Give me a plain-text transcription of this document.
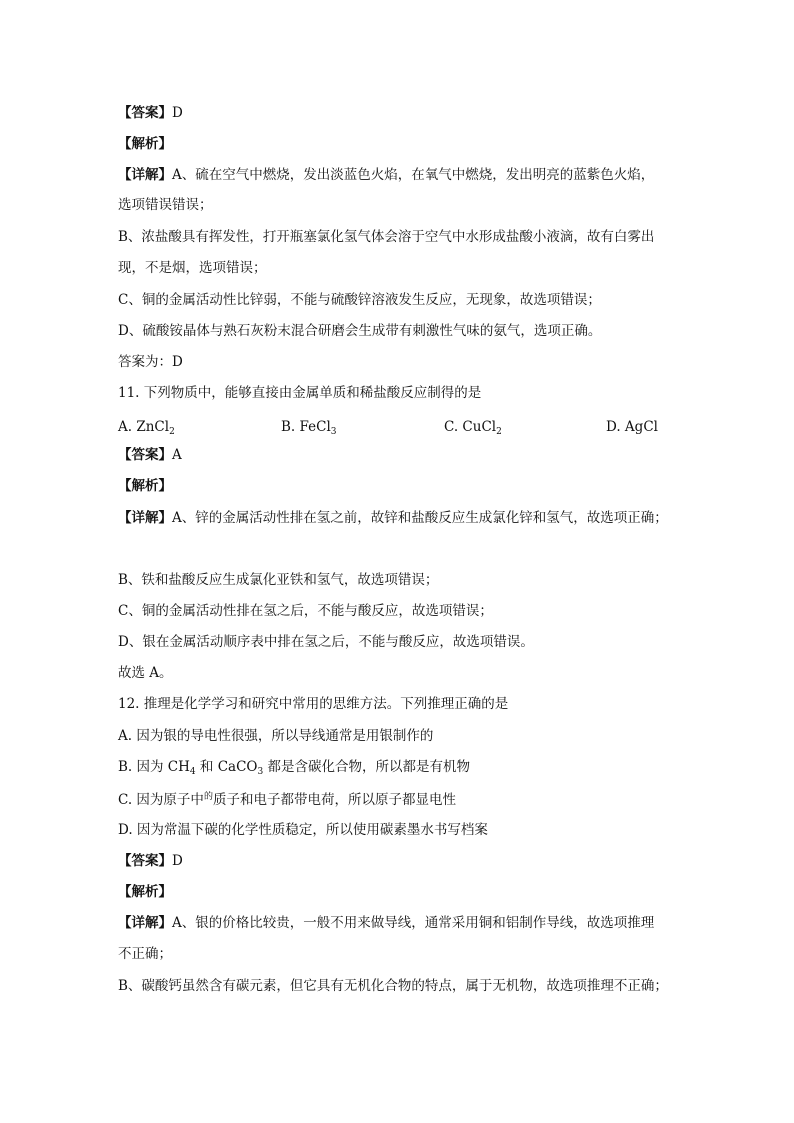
【答案】D
【解析】
【详解】A、硫在空气中燃烧，发出淡蓝色火焰，在氧气中燃烧，发出明亮的蓝紫色火焰，
选项错误错误；
B、浓盐酸具有挥发性，打开瓶塞氯化氢气体会溶于空气中水形成盐酸小液滴，故有白雾出
现，不是烟，选项错误；
C、铜的金属活动性比锌弱，不能与硫酸锌溶液发生反应，无现象，故选项错误；
D、硫酸铵晶体与熟石灰粉末混合研磨会生成带有刺激性气味的氨气，选项正确。
答案为：D
11. 下列物质中，能够直接由金属单质和稀盐酸反应制得的是
A. ZnCl$_2$	B. FeCl$_3$	C. CuCl$_2$	D. AgCl
【答案】A
【解析】
【详解】A、锌的金属活动性排在氢之前，故锌和盐酸反应生成氯化锌和氢气，故选项正确；
B、铁和盐酸反应生成氯化亚铁和氢气，故选项错误；
C、铜的金属活动性排在氢之后，不能与酸反应，故选项错误；
D、银在金属活动顺序表中排在氢之后，不能与酸反应，故选项错误。
故选 A。
12. 推理是化学学习和研究中常用的思维方法。下列推理正确的是
A. 因为银的导电性很强，所以导线通常是用银制作的
B. 因为 $CH_4$ 和 CaCO$_3$ 都是含碳化合物，所以都是有机物
C. 因为原子中$^的$质子和电子都带电荷，所以原子都显电性
D. 因为常温下碳的化学性质稳定，所以使用碳素墨水书写档案
【答案】D
【解析】
【详解】A、银的价格比较贵，一般不用来做导线，通常采用铜和铝制作导线，故选项推理
不正确；
B、碳酸钙虽然含有碳元素，但它具有无机化合物的特点，属于无机物，故选项推理不正确；
